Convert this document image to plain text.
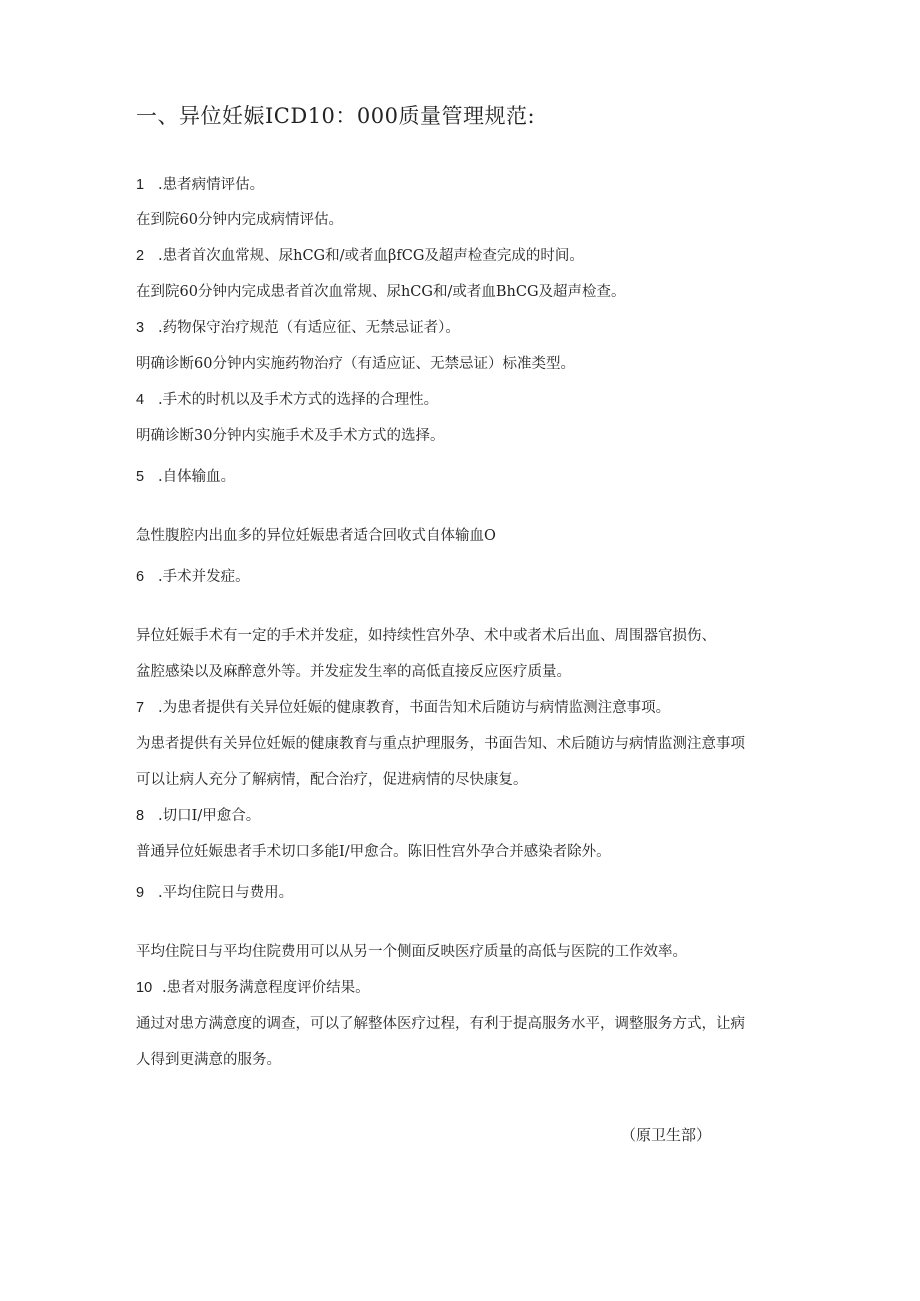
一、异位妊娠ICD10：000质量管理规范:
1 .患者病情评估。
在到院60分钟内完成病情评估。
2 .患者首次血常规、尿hCG和/或者血βfCG及超声检查完成的时间。
在到院60分钟内完成患者首次血常规、尿hCG和/或者血BhCG及超声检查。
3 .药物保守治疗规范（有适应征、无禁忌证者）。
明确诊断60分钟内实施药物治疗（有适应证、无禁忌证）标准类型。
4 .手术的时机以及手术方式的选择的合理性。
明确诊断30分钟内实施手术及手术方式的选择。
5 .自体输血。
急性腹腔内出血多的异位妊娠患者适合回收式自体输血O
6 .手术并发症。
异位妊娠手术有一定的手术并发症，如持续性宫外孕、术中或者术后出血、周围器官损伤、
盆腔感染以及麻醉意外等。并发症发生率的高低直接反应医疗质量。
7 .为患者提供有关异位妊娠的健康教育，书面告知术后随访与病情监测注意事项。
为患者提供有关异位妊娠的健康教育与重点护理服务，书面告知、术后随访与病情监测注意事项
可以让病人充分了解病情，配合治疗，促进病情的尽快康复。
8 .切口I/甲愈合。
普通异位妊娠患者手术切口多能I/甲愈合。陈旧性宫外孕合并感染者除外。
9 .平均住院日与费用。
平均住院日与平均住院费用可以从另一个侧面反映医疗质量的高低与医院的工作效率。
10 .患者对服务满意程度评价结果。
通过对患方满意度的调查，可以了解整体医疗过程，有利于提高服务水平，调整服务方式，让病
人得到更满意的服务。
（原卫生部）
